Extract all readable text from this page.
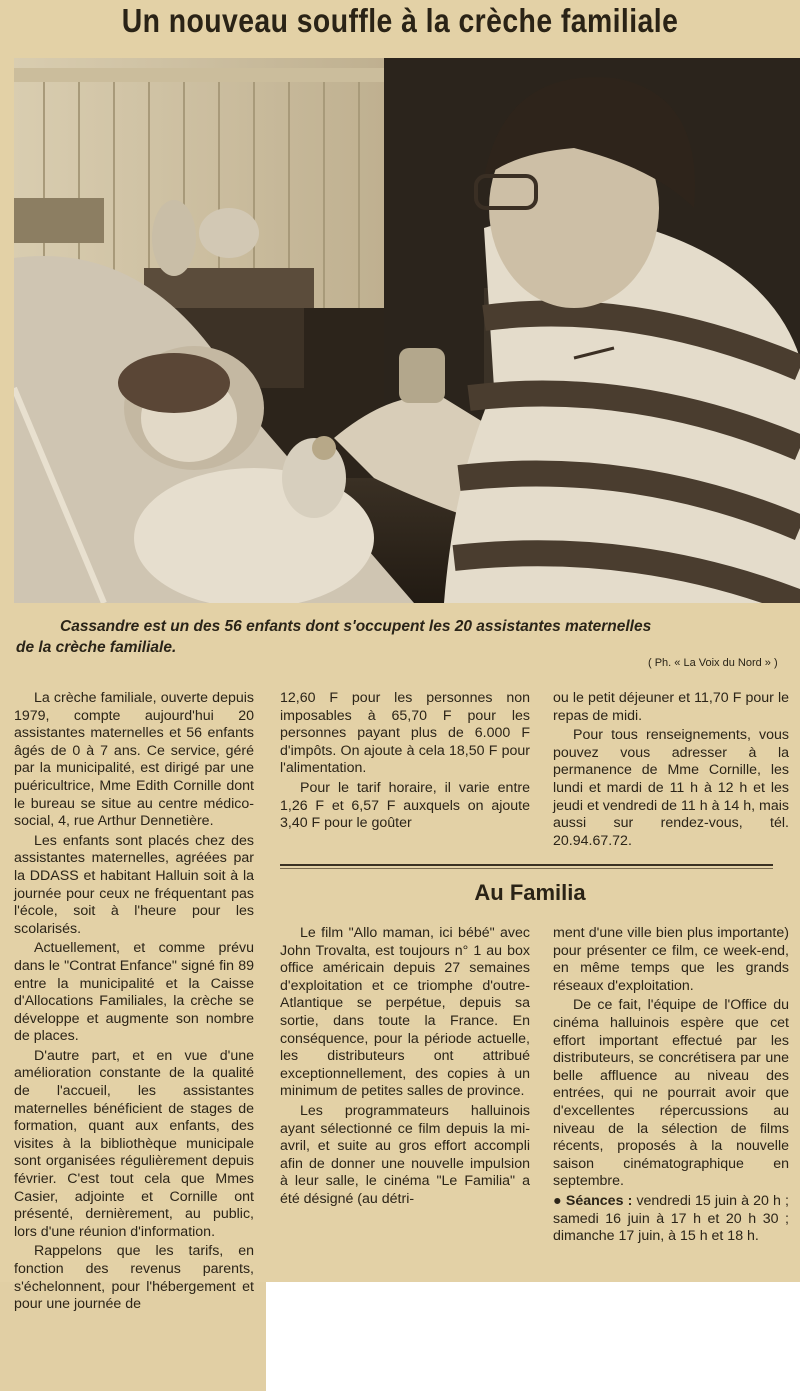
Un nouveau souffle à la crèche familiale
Cassandre est un des 56 enfants dont s'occupent les 20 assistantes maternelles
de la crèche familiale.
( Ph. « La Voix du Nord » )

La crèche familiale, ouverte depuis 1979, compte aujourd'hui 20 assistantes maternelles et 56 enfants âgés de 0 à 7 ans. Ce service, géré par la municipalité, est dirigé par une puéricultrice, Mme Edith Cornille dont le bureau se situe au centre médico-social, 4, rue Arthur Dennetière.

Les enfants sont placés chez des assistantes maternelles, agréées par la DDASS et habitant Halluin soit à la journée pour ceux ne fréquentant pas l'école, soit à l'heure pour les scolarisés.

Actuellement, et comme prévu dans le "Contrat Enfance" signé fin 89 entre la municipalité et la Caisse d'Allocations Familiales, la crèche se développe et augmente son nombre de places.

D'autre part, et en vue d'une amélioration constante de la qualité de l'accueil, les assistantes maternelles bénéficient de stages de formation, quant aux enfants, des visites à la bibliothèque municipale sont organisées régulièrement depuis février. C'est tout cela que Mmes Casier, adjointe et Cornille ont présenté, dernièrement, au public, lors d'une réunion d'information.

Rappelons que les tarifs, en fonction des revenus parents, s'échelonnent, pour l'hébergement et pour une journée de

12,60 F pour les personnes non imposables à 65,70 F pour les personnes payant plus de 6.000 F d'impôts. On ajoute à cela 18,50 F pour l'alimentation.

Pour le tarif horaire, il varie entre 1,26 F et 6,57 F auxquels on ajoute 3,40 F pour le goûter

ou le petit déjeuner et 11,70 F pour le repas de midi.

Pour tous renseignements, vous pouvez vous adresser à la permanence de Mme Cornille, les lundi et mardi de 11 h à 12 h et les jeudi et vendredi de 11 h à 14 h, mais aussi sur rendez-vous, tél. 20.94.67.72.

Au Familia

Le film "Allo maman, ici bébé" avec John Trovalta, est toujours n° 1 au box office américain depuis 27 semaines d'exploitation et ce triomphe d'outre-Atlantique se perpétue, depuis sa sortie, dans toute la France. En conséquence, pour la période actuelle, les distributeurs ont attribué exceptionnellement, des copies à un minimum de petites salles de province.

Les programmateurs halluinois ayant sélectionné ce film depuis la mi-avril, et suite au gros effort accompli afin de donner une nouvelle impulsion à leur salle, le cinéma "Le Familia" a été désigné (au détri-

ment d'une ville bien plus importante) pour présenter ce film, ce week-end, en même temps que les grands réseaux d'exploitation.

De ce fait, l'équipe de l'Office du cinéma halluinois espère que cet effort important effectué par les distributeurs, se concrétisera par une belle affluence au niveau des entrées, qui ne pourrait avoir que d'excellentes répercussions au niveau de la sélection de films récents, proposés à la nouvelle saison cinématographique en septembre.

● Séances : vendredi 15 juin à 20 h ; samedi 16 juin à 17 h et 20 h 30 ; dimanche 17 juin, à 15 h et 18 h.
